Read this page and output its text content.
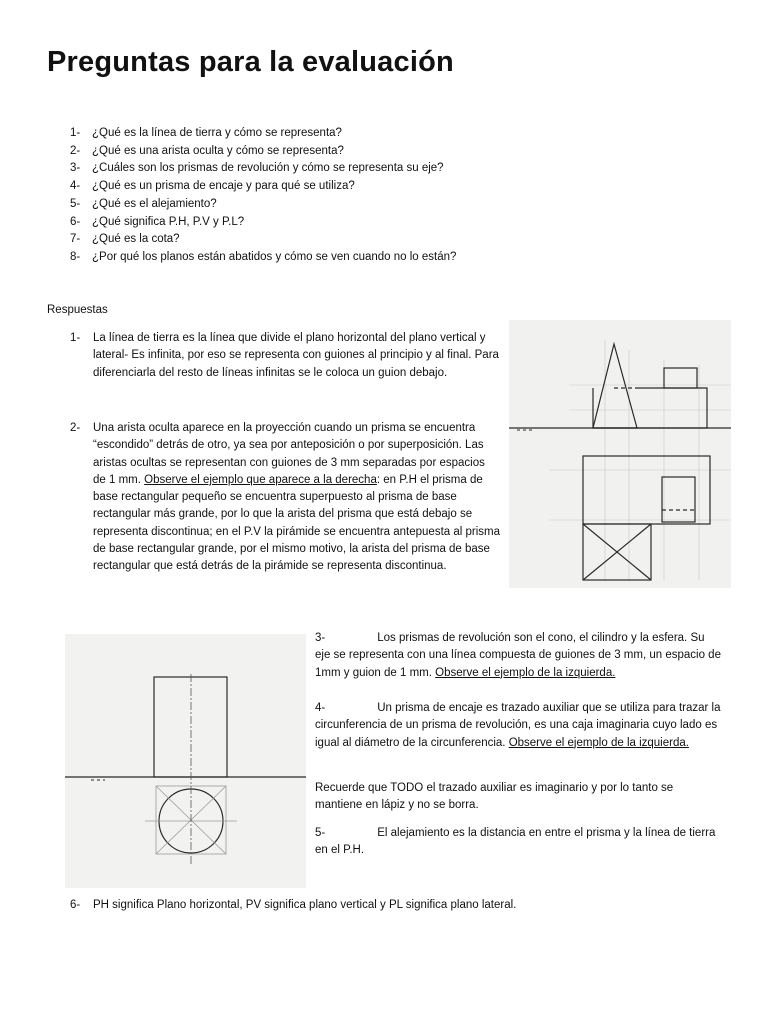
Preguntas para la evaluación
1-	¿Qué es la línea de tierra y cómo se representa?
2-	¿Qué es una arista oculta y cómo se representa?
3-	¿Cuáles son los prismas de revolución y cómo se representa su eje?
4-	¿Qué es un prisma de encaje y para qué se utiliza?
5-	¿Qué es el alejamiento?
6-	¿Qué significa P.H, P.V y P.L?
7-	¿Qué es la cota?
8-	¿Por qué los planos están abatidos y cómo se ven cuando no lo están?
Respuestas
1- La línea de tierra es la línea que divide el plano horizontal del plano vertical y lateral- Es infinita, por eso se representa con guiones al principio y al final. Para diferenciarla del resto de líneas infinitas se le coloca un guion debajo.
2- Una arista oculta aparece en la proyección cuando un prisma se encuentra “escondido” detrás de otro, ya sea por anteposición o por superposición. Las aristas ocultas se representan con guiones de 3 mm separadas por espacios de 1 mm. Observe el ejemplo que aparece a la derecha: en P.H el prisma de base rectangular pequeño se encuentra superpuesto al prisma de base rectangular más grande, por lo que la arista del prisma que está debajo se representa discontinua; en el P.V la pirámide se encuentra antepuesta al prisma de base rectangular grande, por el mismo motivo, la arista del prisma de base rectangular que está detrás de la pirámide se representa discontinua.
3-	Los prismas de revolución son el cono, el cilindro y la esfera. Su eje se representa con una línea compuesta de guiones de 3 mm, un espacio de 1mm y guion de 1 mm. Observe el ejemplo de la izquierda.
4-	Un prisma de encaje es trazado auxiliar que se utiliza para trazar la circunferencia de un prisma de revolución, es una caja imaginaria cuyo lado es igual al diámetro de la circunferencia. Observe el ejemplo de la izquierda.
Recuerde que TODO el trazado auxiliar es imaginario y por lo tanto se mantiene en lápiz y no se borra.
5-	El alejamiento es la distancia en entre el prisma y la línea de tierra en el P.H.
6- PH significa Plano horizontal, PV significa plano vertical y PL significa plano lateral.
